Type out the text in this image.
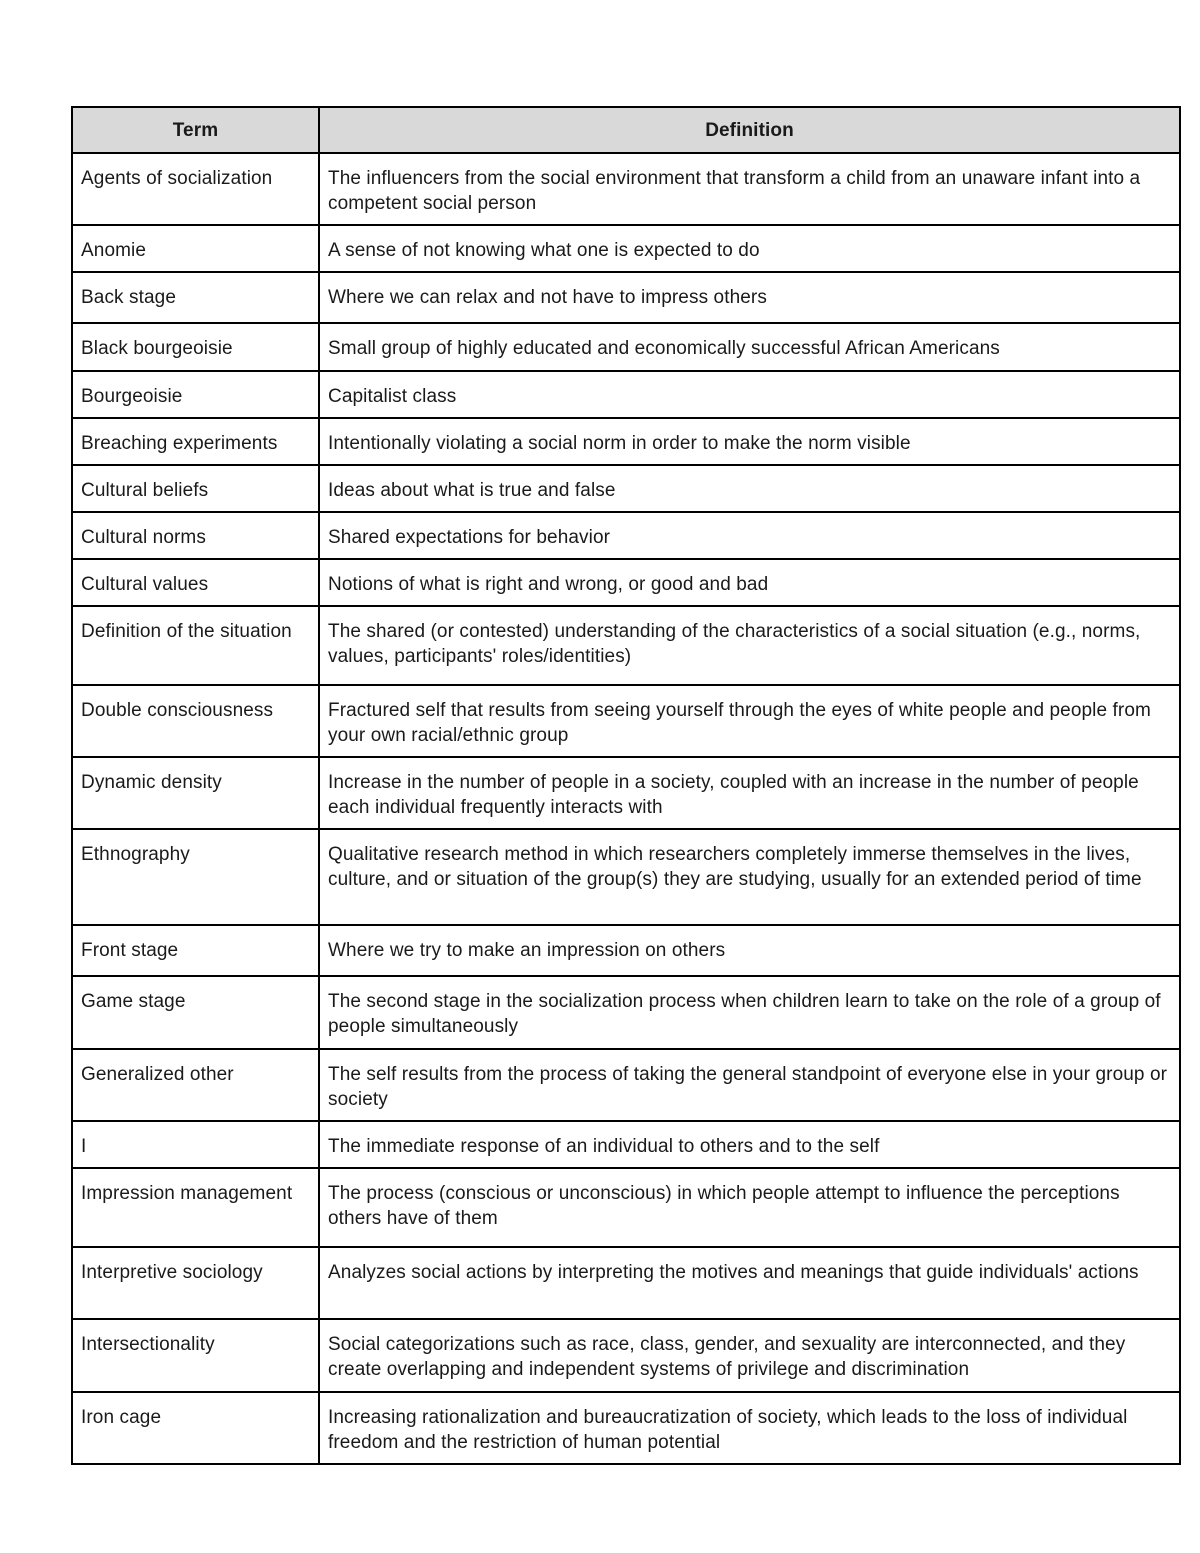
Term	Definition
Agents of socialization	The influencers from the social environment that transform a child from an unaware infant into a competent social person
Anomie	A sense of not knowing what one is expected to do
Back stage	Where we can relax and not have to impress others
Black bourgeoisie	Small group of highly educated and economically successful African Americans
Bourgeoisie	Capitalist class
Breaching experiments	Intentionally violating a social norm in order to make the norm visible
Cultural beliefs	Ideas about what is true and false
Cultural norms	Shared expectations for behavior
Cultural values	Notions of what is right and wrong, or good and bad
Definition of the situation	The shared (or contested) understanding of the characteristics of a social situation (e.g., norms, values, participants' roles/identities)
Double consciousness	Fractured self that results from seeing yourself through the eyes of white people and people from your own racial/ethnic group
Dynamic density	Increase in the number of people in a society, coupled with an increase in the number of people each individual frequently interacts with
Ethnography	Qualitative research method in which researchers completely immerse themselves in the lives, culture, and or situation of the group(s) they are studying, usually for an extended period of time
Front stage	Where we try to make an impression on others
Game stage	The second stage in the socialization process when children learn to take on the role of a group of people simultaneously
Generalized other	The self results from the process of taking the general standpoint of everyone else in your group or society
I	The immediate response of an individual to others and to the self
Impression management	The process (conscious or unconscious) in which people attempt to influence the perceptions others have of them
Interpretive sociology	Analyzes social actions by interpreting the motives and meanings that guide individuals' actions
Intersectionality	Social categorizations such as race, class, gender, and sexuality are interconnected, and they create overlapping and independent systems of privilege and discrimination
Iron cage	Increasing rationalization and bureaucratization of society, which leads to the loss of individual freedom and the restriction of human potential
